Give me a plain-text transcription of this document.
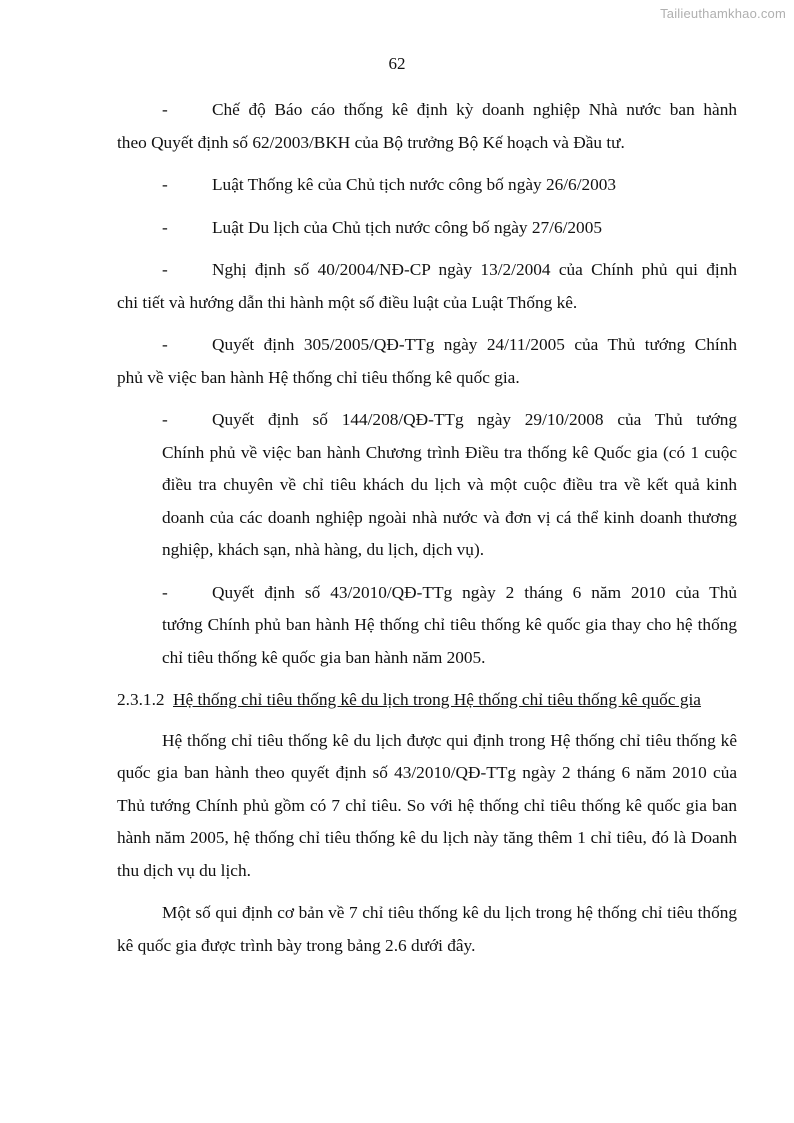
Tailieuthamkhao.com
62
-	Chế độ Báo cáo thống kê định kỳ doanh nghiệp Nhà nước ban hành
theo Quyết định số 62/2003/BKH của Bộ trưởng Bộ Kế hoạch và Đầu tư.
-	Luật Thống kê của Chủ tịch nước công bố ngày 26/6/2003
-	Luật Du lịch của Chủ tịch nước công bố ngày 27/6/2005
-	Nghị định số 40/2004/NĐ-CP ngày 13/2/2004 của Chính phủ qui định
chi tiết và hướng dẫn thi hành một số điều luật của Luật Thống kê.
-	Quyết định 305/2005/QĐ-TTg ngày 24/11/2005 của Thủ tướng Chính
phủ về việc ban hành Hệ thống chỉ tiêu thống kê quốc gia.
-	Quyết định số 144/208/QĐ-TTg ngày 29/10/2008 của Thủ tướng
Chính phủ về việc ban hành Chương trình Điều tra thống kê Quốc gia (có 1 cuộc điều tra chuyên về chỉ tiêu khách du lịch và một cuộc điều tra về kết quả kinh doanh của các doanh nghiệp ngoài nhà nước và đơn vị cá thể kinh doanh thương nghiệp, khách sạn, nhà hàng, du lịch, dịch vụ).
-	Quyết định số 43/2010/QĐ-TTg ngày 2 tháng 6 năm 2010 của Thủ
tướng Chính phủ ban hành Hệ thống chỉ tiêu thống kê quốc gia thay cho hệ thống chỉ tiêu thống kê quốc gia ban hành năm 2005.
2.3.1.2 Hệ thống chỉ tiêu thống kê du lịch trong Hệ thống chỉ tiêu thống kê quốc gia

Hệ thống chỉ tiêu thống kê du lịch được qui định trong Hệ thống chỉ tiêu thống kê quốc gia ban hành theo quyết định số 43/2010/QĐ-TTg ngày 2 tháng 6 năm 2010 của Thủ tướng Chính phủ gồm có 7 chỉ tiêu. So với hệ thống chỉ tiêu thống kê quốc gia ban hành năm 2005, hệ thống chỉ tiêu thống kê du lịch này tăng thêm 1 chỉ tiêu, đó là Doanh thu dịch vụ du lịch.

Một số qui định cơ bản về 7 chỉ tiêu thống kê du lịch trong hệ thống chỉ tiêu thống kê quốc gia được trình bày trong bảng 2.6 dưới đây.
